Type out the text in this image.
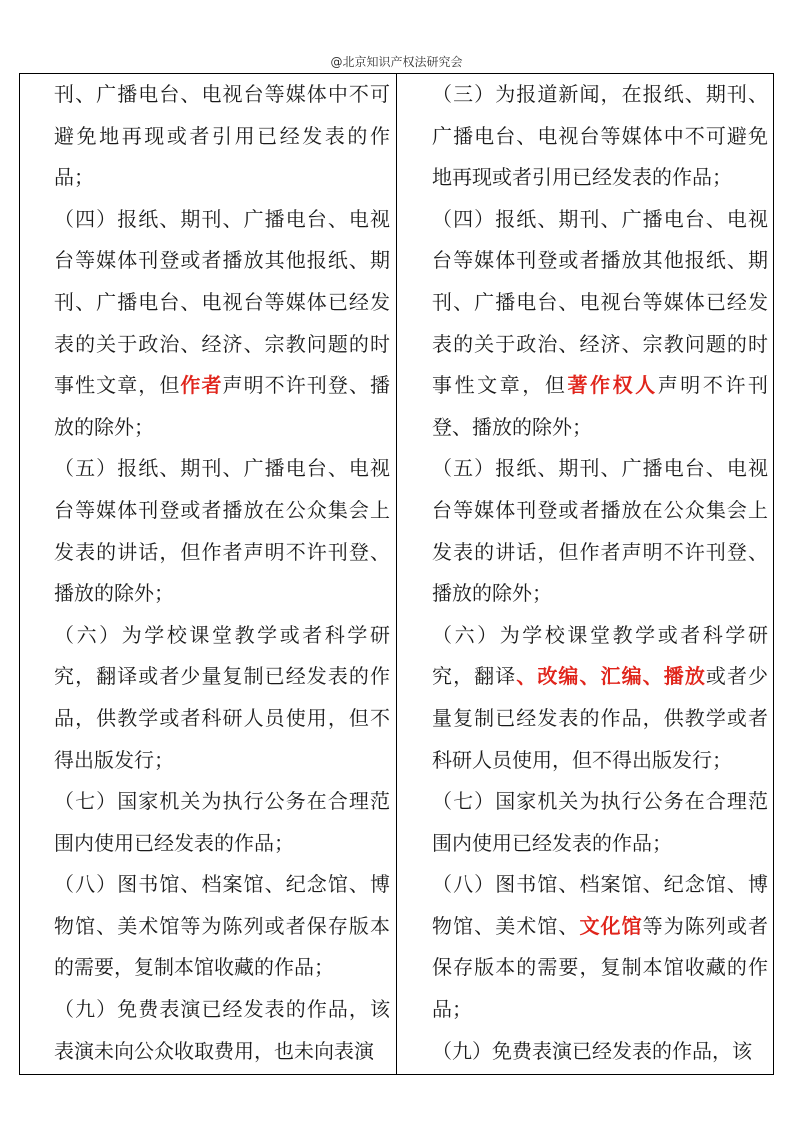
@北京知识产权法研究会

刊、广播电台、电视台等媒体中不可避免地再现或者引用已经发表的作品；

（四）报纸、期刊、广播电台、电视台等媒体刊登或者播放其他报纸、期刊、广播电台、电视台等媒体已经发表的关于政治、经济、宗教问题的时事性文章，但作者声明不许刊登、播放的除外；

（五）报纸、期刊、广播电台、电视台等媒体刊登或者播放在公众集会上发表的讲话，但作者声明不许刊登、播放的除外；

（六）为学校课堂教学或者科学研究，翻译或者少量复制已经发表的作品，供教学或者科研人员使用，但不得出版发行；

（七）国家机关为执行公务在合理范围内使用已经发表的作品；

（八）图书馆、档案馆、纪念馆、博物馆、美术馆等为陈列或者保存版本的需要，复制本馆收藏的作品；

（九）免费表演已经发表的作品，该表演未向公众收取费用，也未向表演

（三）为报道新闻，在报纸、期刊、广播电台、电视台等媒体中不可避免地再现或者引用已经发表的作品；

（四）报纸、期刊、广播电台、电视台等媒体刊登或者播放其他报纸、期刊、广播电台、电视台等媒体已经发表的关于政治、经济、宗教问题的时事性文章，但著作权人声明不许刊登、播放的除外；

（五）报纸、期刊、广播电台、电视台等媒体刊登或者播放在公众集会上发表的讲话，但作者声明不许刊登、播放的除外；

（六）为学校课堂教学或者科学研究，翻译、改编、汇编、播放或者少量复制已经发表的作品，供教学或者科研人员使用，但不得出版发行；

（七）国家机关为执行公务在合理范围内使用已经发表的作品；

（八）图书馆、档案馆、纪念馆、博物馆、美术馆、文化馆等为陈列或者保存版本的需要，复制本馆收藏的作品；

（九）免费表演已经发表的作品，该
